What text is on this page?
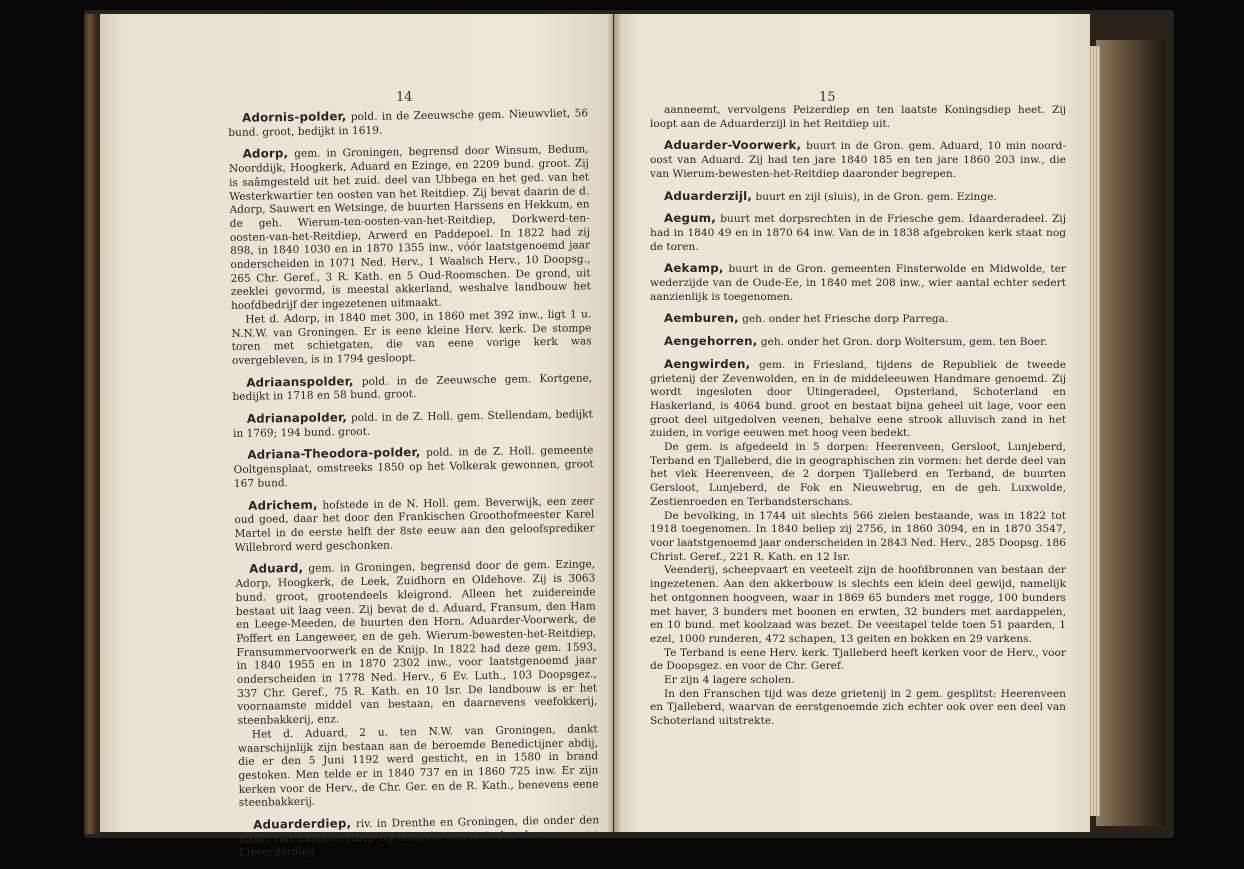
14

Adornis-polder, pold. in de Zeeuwsche gem. Nieuwvliet, 56 bund. groot, bedijkt in 1619.

Adorp, gem. in Groningen, begrensd door Winsum, Bedum, Noorddijk, Hoogkerk, Aduard en Ezinge, en 2209 bund. groot. Zij is saâmgesteld uit het zuid. deel van Ubbega en het ged. van het Westerkwartier ten oosten van het Reitdiep. Zij bevat daarin de d. Adorp, Sauwert en Wetsinge, de buurten Harssens en Hekkum, en de geh. Wierum-ten-oosten-van-het-Reitdiep, Dorkwerd-ten-oosten-van-het-Reitdiep, Arwerd en Paddepoel. In 1822 had zij 898, in 1840 1030 en in 1870 1355 inw., vóór laatstgenoemd jaar onderscheiden in 1071 Ned. Herv., 1 Waalsch Herv., 10 Doopsg., 265 Chr. Geref., 3 R. Kath. en 5 Oud-Roomschen. De grond, uit zeeklei gevormd, is meestal akkerland, weshalve landbouw het hoofdbedrijf der ingezetenen uitmaakt.

Het d. Adorp, in 1840 met 300, in 1860 met 392 inw., ligt 1 u. N.N.W. van Groningen. Er is eene kleine Herv. kerk. De stompe toren met schietgaten, die van eene vorige kerk was overgebleven, is in 1794 gesloopt.

Adriaanspolder, pold. in de Zeeuwsche gem. Kortgene, bedijkt in 1718 en 58 bund. groot.

Adrianapolder, pold. in de Z. Holl. gem. Stellendam, bedijkt in 1769; 194 bund. groot.

Adriana-Theodora-polder, pold. in de Z. Holl. gemeente Ooltgensplaat, omstreeks 1850 op het Volkerak gewonnen, groot 167 bund.

Adrichem, hofstede in de N. Holl. gem. Beverwijk, een zeer oud goed, daar het door den Frankischen Groothofmeester Karel Martel in de eerste helft der 8ste eeuw aan den geloofsprediker Willebrord werd geschonken.

Aduard, gem. in Groningen, begrensd door de gem. Ezinge, Adorp, Hoogkerk, de Leek, Zuidhorn en Oldehove. Zij is 3063 bund. groot, grootendeels kleigrond. Alleen het zuidereinde bestaat uit laag veen. Zij bevat de d. Aduard, Fransum, den Ham en Leege-Meeden, de buurten den Horn, Aduarder-Voorwerk, de Poffert en Langeweer, en de geh. Wierum-bewesten-het-Reitdiep, Fransummervoorwerk en de Knijp. In 1822 had deze gem. 1593, in 1840 1955 en in 1870 2302 inw., voor laatstgenoemd jaar onderscheiden in 1778 Ned. Herv., 6 Ev. Luth., 103 Doopsgez., 337 Chr. Geref., 75 R. Kath. en 10 Isr. De landbouw is er het voornaamste middel van bestaan, en daarnevens veefokkerij, steenbakkerij, enz.

Het d. Aduard, 2 u. ten N.W. van Groningen, dankt waarschijnlijk zijn bestaan aan de beroemde Benedictijner abdij, die er den 5 Juni 1192 werd gesticht, en in 1580 in brand gestoken. Men telde er in 1840 737 en in 1860 725 inw. Er zijn kerken voor de Herv., de Chr. Ger. en de R. Kath., benevens eene steenbakkerij.

Aduarderdiep, riv. in Drenthe en Groningen, die onder den naam van Langeloërdiep bij Langelo ontstaat, dan den naam van Lieverderdiep

15

aanneemt, vervolgens Peizerdiep en ten laatste Koningsdiep heet. Zij loopt aan de Aduarderzijl in het Reitdiep uit.

Aduarder-Voorwerk, buurt in de Gron. gem. Aduard, 10 min noord-oost van Aduard. Zij had ten jare 1840 185 en ten jare 1860 203 inw., die van Wierum-bewesten-het-Reitdiep daaronder begrepen.

Aduarderzijl, buurt en zijl (sluis), in de Gron. gem. Ezinge.

Aegum, buurt met dorpsrechten in de Friesche gem. Idaarderadeel. Zij had in 1840 49 en in 1870 64 inw. Van de in 1838 afgebroken kerk staat nog de toren.

Aekamp, buurt in de Gron. gemeenten Finsterwolde en Midwolde, ter wederzijde van de Oude-Ee, in 1840 met 208 inw., wier aantal echter sedert aanzienlijk is toegenomen.

Aemburen, geh. onder het Friesche dorp Parrega.

Aengehorren, geh. onder het Gron. dorp Woltersum, gem. ten Boer.

Aengwirden, gem. in Friesland, tijdens de Republiek de tweede grietenij der Zevenwolden, en in de middeleeuwen Handmare genoemd. Zij wordt ingesloten door Utingeradeel, Opsterland, Schoterland en Haskerland, is 4064 bund. groot en bestaat bijna geheel uit lage, voor een groot deel uitgedolven veenen, behalve eene strook alluvisch zand in het zuiden, in vorige eeuwen met hoog veen bedekt.

De gem. is afgedeeld in 5 dorpen: Heerenveen, Gersloot, Lunjeberd, Terband en Tjalleberd, die in geographischen zin vormen: het derde deel van het vlek Heerenveen, de 2 dorpen Tjalleberd en Terband, de buurten Gersloot, Lunjeberd, de Fok en Nieuwebrug, en de geh. Luxwolde, Zestienroeden en Terbandsterschans.

De bevolking, in 1744 uit slechts 566 zielen bestaande, was in 1822 tot 1918 toegenomen. In 1840 beliep zij 2756, in 1860 3094, en in 1870 3547, voor laatstgenoemd jaar onderscheiden in 2843 Ned. Herv., 285 Doopsg. 186 Christ. Geref., 221 R. Kath. en 12 Isr.

Veenderij, scheepvaart en veeteelt zijn de hoofdbronnen van bestaan der ingezetenen. Aan den akkerbouw is slechts een klein deel gewijd, namelijk het ontgonnen hoogveen, waar in 1869 65 bunders met rogge, 100 bunders met haver, 3 bunders met boonen en erwten, 32 bunders met aardappelen, en 10 bund. met koolzaad was bezet. De veestapel telde toen 51 paarden, 1 ezel, 1000 runderen, 472 schapen, 13 geiten en bokken en 29 varkens.

Te Terband is eene Herv. kerk. Tjalleberd heeft kerken voor de Herv., voor de Doopsgez. en voor de Chr. Geref.

Er zijn 4 lagere scholen.

In den Franschen tijd was deze grietenij in 2 gem. gesplitst: Heerenveen en Tjalleberd, waarvan de eerstgenoemde zich echter ook over een deel van Schoterland uitstrekte.
